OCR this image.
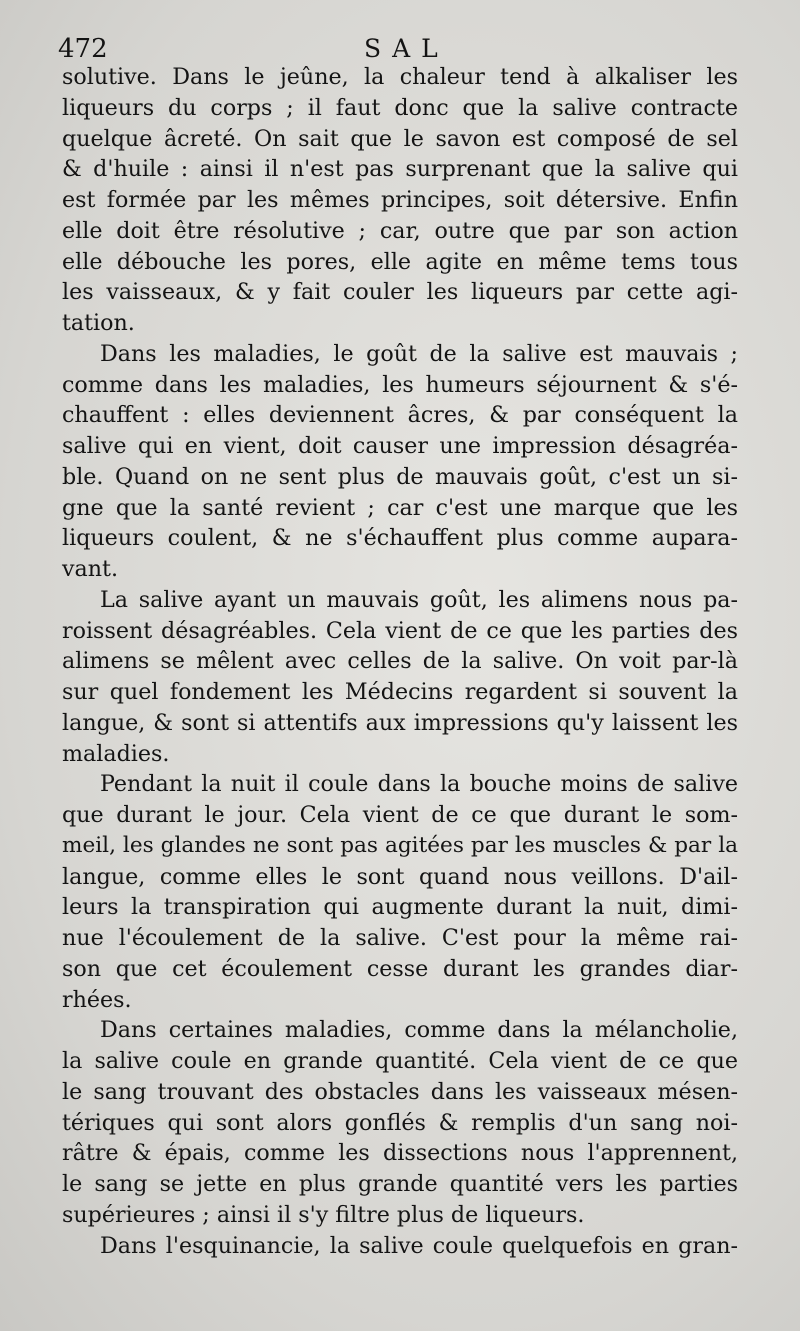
472	SAL
solutive. Dans le jeûne, la chaleur tend à alkaliser les
liqueurs du corps ; il faut donc que la salive contracte
quelque âcreté. On sait que le savon est composé de sel
& d'huile : ainsi il n'est pas surprenant que la salive qui
est formée par les mêmes principes, soit détersive. Enfin
elle doit être résolutive ; car, outre que par son action
elle débouche les pores, elle agite en même tems tous
les vaisseaux, & y fait couler les liqueurs par cette agi-
tation.
Dans les maladies, le goût de la salive est mauvais ;
comme dans les maladies, les humeurs séjournent & s'é-
chauffent : elles deviennent âcres, & par conséquent la
salive qui en vient, doit causer une impression désagréa-
ble. Quand on ne sent plus de mauvais goût, c'est un si-
gne que la santé revient ; car c'est une marque que les
liqueurs coulent, & ne s'échauffent plus comme aupara-
vant.
La salive ayant un mauvais goût, les alimens nous pa-
roissent désagréables. Cela vient de ce que les parties des
alimens se mêlent avec celles de la salive. On voit par-là
sur quel fondement les Médecins regardent si souvent la
langue, & sont si attentifs aux impressions qu'y laissent les
maladies.
Pendant la nuit il coule dans la bouche moins de salive
que durant le jour. Cela vient de ce que durant le som-
meil, les glandes ne sont pas agitées par les muscles & par la
langue, comme elles le sont quand nous veillons. D'ail-
leurs la transpiration qui augmente durant la nuit, dimi-
nue l'écoulement de la salive. C'est pour la même rai-
son que cet écoulement cesse durant les grandes diar-
rhées.
Dans certaines maladies, comme dans la mélancholie,
la salive coule en grande quantité. Cela vient de ce que
le sang trouvant des obstacles dans les vaisseaux mésen-
tériques qui sont alors gonflés & remplis d'un sang noi-
râtre & épais, comme les dissections nous l'apprennent,
le sang se jette en plus grande quantité vers les parties
supérieures ; ainsi il s'y filtre plus de liqueurs.
Dans l'esquinancie, la salive coule quelquefois en gran-
